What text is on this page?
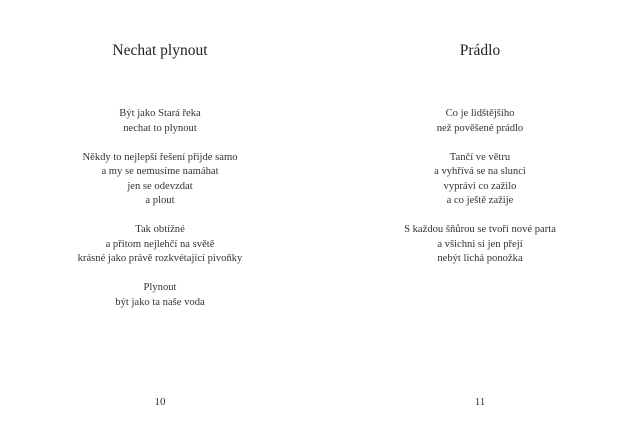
Nechat plynout
Být jako Stará řeka
nechat to plynout
Někdy to nejlepší řešení přijde samo
a my se nemusíme namáhat
jen se odevzdat
a plout
Tak obtížné
a přitom nejlehčí na světě
krásné jako právě rozkvétající pivoňky
Plynout
být jako ta naše voda
10
Prádlo
Co je lidštějšího
než pověšené prádlo
Tančí ve větru
a vyhřívá se na slunci
vypráví co zažilo
a co ještě zažije
S každou šňůrou se tvoří nové parta
a všichni si jen přejí
nebýt lichá ponožka
11
